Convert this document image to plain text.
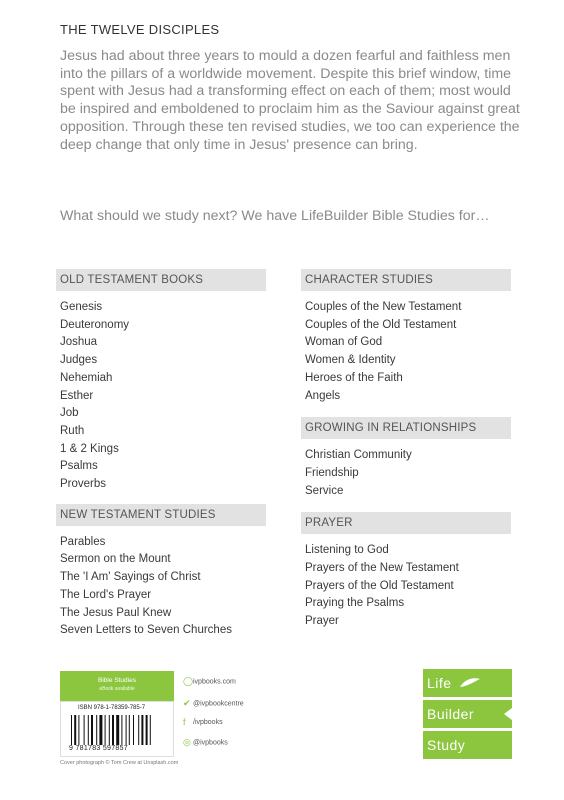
THE TWELVE DISCIPLES
Jesus had about three years to mould a dozen fearful and faithless men into the pillars of a worldwide movement. Despite this brief window, time spent with Jesus had a transforming effect on each of them; most would be inspired and emboldened to proclaim him as the Saviour against great opposition. Through these ten revised studies, we too can experience the deep change that only time in Jesus' presence can bring.
What should we study next? We have LifeBuilder Bible Studies for…
OLD TESTAMENT BOOKS
Genesis
Deuteronomy
Joshua
Judges
Nehemiah
Esther
Job
Ruth
1 & 2 Kings
Psalms
Proverbs
NEW TESTAMENT STUDIES
Parables
Sermon on the Mount
The 'I Am' Sayings of Christ
The Lord's Prayer
The Jesus Paul Knew
Seven Letters to Seven Churches
CHARACTER STUDIES
Couples of the New Testament
Couples of the Old Testament
Woman of God
Women & Identity
Heroes of the Faith
Angels
GROWING IN RELATIONSHIPS
Christian Community
Friendship
Service
PRAYER
Listening to God
Prayers of the New Testament
Prayers of the Old Testament
Praying the Psalms
Prayer
Bible Studies
eBook available
ISBN 978-1-78359-785-7
9 781783 597857
Cover photograph © Tom Crew at Unsplash.com
◯ivpbooks.com
✔ @ivpbookcentre
f /ivpbooks
◎ @ivpbooks
Life
Builder
Study
